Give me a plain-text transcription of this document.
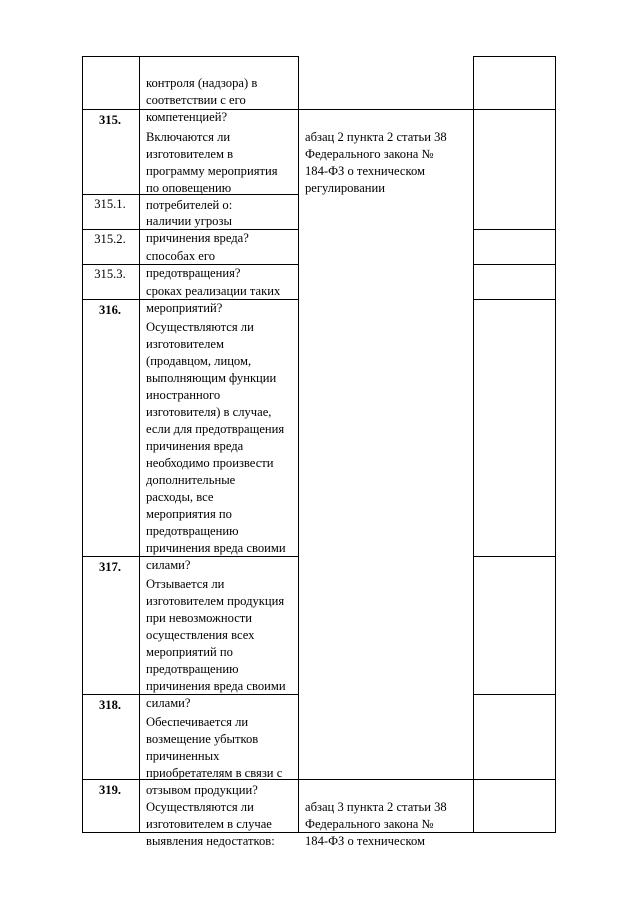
контроля (надзора) в
соответствии с его
компетенцией?

315.

Включаются ли
изготовителем в
программу мероприятия
по оповещению
потребителей о:

абзац 2 пункта 2 статьи 38
Федерального закона №
184-ФЗ о техническом
регулировании

315.1.

наличии угрозы
причинения вреда?

315.2.

способах его
предотвращения?

315.3.

сроках реализации таких
мероприятий?

316.

Осуществляются ли
изготовителем
(продавцом, лицом,
выполняющим функции
иностранного
изготовителя) в случае,
если для предотвращения
причинения вреда
необходимо произвести
дополнительные
расходы, все
мероприятия по
предотвращению
причинения вреда своими
силами?

317.

Отзывается ли
изготовителем продукция
при невозможности
осуществления всех
мероприятий по
предотвращению
причинения вреда своими
силами?

318.

Обеспечивается ли
возмещение убытков
причиненных
приобретателям в связи с
отзывом продукции?

319.

Осуществляются ли
изготовителем в случае
выявления недостатков:

абзац 3 пункта 2 статьи 38
Федерального закона №
184-ФЗ о техническом
